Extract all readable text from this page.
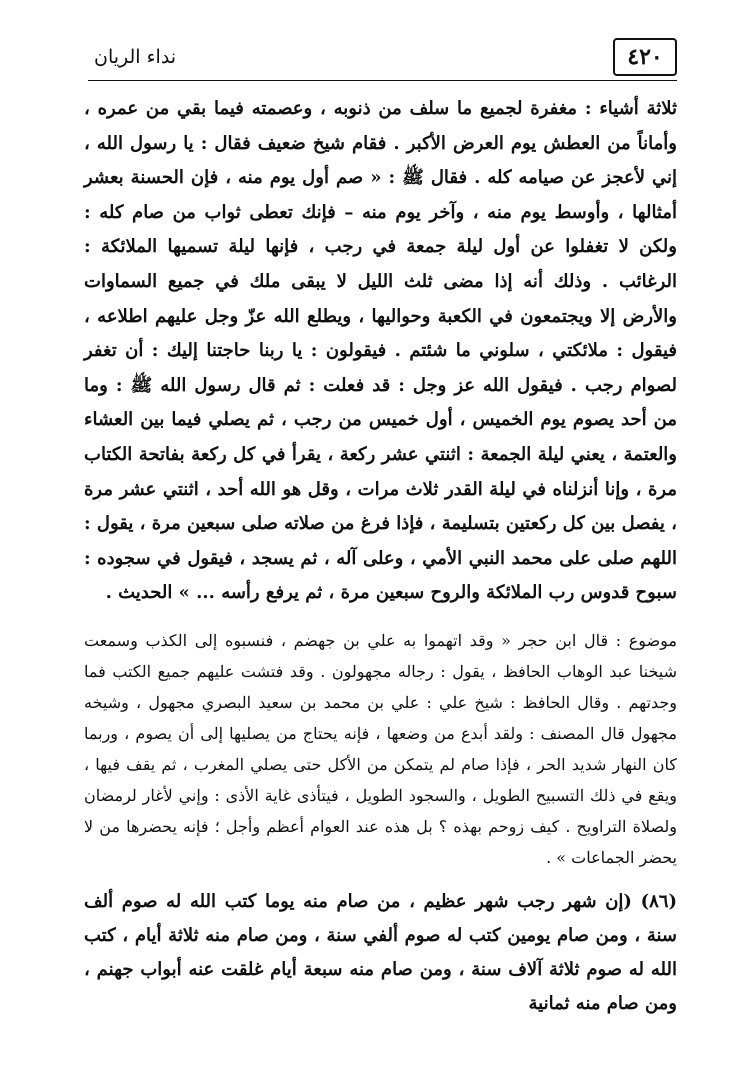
٤٢٠
نداء الريان

ثلاثة أشياء : مغفرة لجميع ما سلف من ذنوبه ، وعصمته فيما بقي من عمره ، وأماناً من العطش يوم العرض الأكبر . فقام شيخ ضعيف فقال : يا رسول الله ، إني لأعجز عن صيامه كله . فقال ﷺ : « صم أول يوم منه ، فإن الحسنة بعشر أمثالها ، وأوسط يوم منه ، وآخر يوم منه – فإنك تعطى ثواب من صام كله : ولكن لا تغفلوا عن أول ليلة جمعة في رجب ، فإنها ليلة تسميها الملائكة : الرغائب . وذلك أنه إذا مضى ثلث الليل لا يبقى ملك في جميع السماوات والأرض إلا ويجتمعون في الكعبة وحواليها ، ويطلع الله عزّ وجل عليهم اطلاعه ، فيقول : ملائكتي ، سلوني ما شئتم . فيقولون : يا ربنا حاجتنا إليك : أن تغفر لصوام رجب . فيقول الله عز وجل : قد فعلت : ثم قال رسول الله ﷺ : وما من أحد يصوم يوم الخميس ، أول خميس من رجب ، ثم يصلي فيما بين العشاء والعتمة ، يعني ليلة الجمعة : اثنتي عشر ركعة ، يقرأ في كل ركعة بفاتحة الكتاب مرة ، وإنا أنزلناه في ليلة القدر ثلاث مرات ، وقل هو الله أحد ، اثنتي عشر مرة ، يفصل بين كل ركعتين بتسليمة ، فإذا فرغ من صلاته صلى سبعين مرة ، يقول : اللهم صلى على محمد النبي الأمي ، وعلى آله ، ثم يسجد ، فيقول في سجوده : سبوح قدوس رب الملائكة والروح سبعين مرة ، ثم يرفع رأسه ... » الحديث .

موضوع : قال ابن حجر « وقد اتهموا به علي بن جهضم ، فنسبوه إلى الكذب وسمعت شيخنا عبد الوهاب الحافظ ، يقول : رجاله مجهولون . وقد فتشت عليهم جميع الكتب فما وجدتهم . وقال الحافظ : شيخ علي : علي بن محمد بن سعيد البصري مجهول ، وشيخه مجهول قال المصنف : ولقد أبدع من وضعها ، فإنه يحتاج من يصليها إلى أن يصوم ، وربما كان النهار شديد الحر ، فإذا صام لم يتمكن من الأكل حتى يصلي المغرب ، ثم يقف فيها ، ويقع في ذلك التسبيح الطويل ، والسجود الطويل ، فيتأذى غاية الأذى : وإني لأغار لرمضان ولصلاة التراويح . كيف زوحم بهذه ؟ بل هذه عند العوام أعظم وأجل ؛ فإنه يحضرها من لا يحضر الجماعات » .

(٨٦) (إن شهر رجب شهر عظيم ، من صام منه يوما كتب الله له صوم ألف سنة ، ومن صام يومين كتب له صوم ألفي سنة ، ومن صام منه ثلاثة أيام ، كتب الله له صوم ثلاثة آلاف سنة ، ومن صام منه سبعة أيام غلقت عنه أبواب جهنم ، ومن صام منه ثمانية
